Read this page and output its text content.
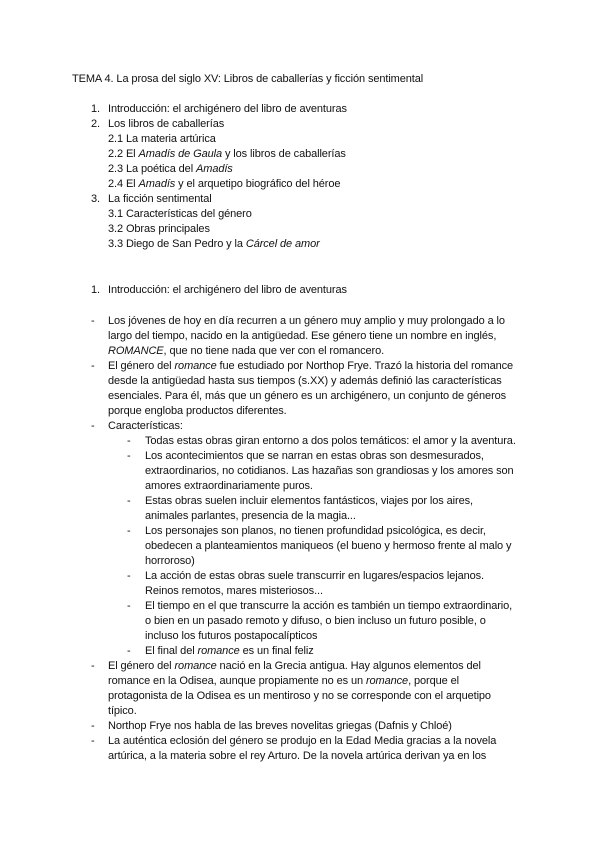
TEMA 4. La prosa del siglo XV: Libros de caballerías y ficción sentimental
1. Introducción: el archigénero del libro de aventuras
2. Los libros de caballerías
2.1 La materia artúrica
2.2 El Amadís de Gaula y los libros de caballerías
2.3 La poética del Amadís
2.4 El Amadís y el arquetipo biográfico del héroe
3. La ficción sentimental
3.1 Características del género
3.2 Obras principales
3.3 Diego de San Pedro y la Cárcel de amor
1. Introducción: el archigénero del libro de aventuras
- Los jóvenes de hoy en día recurren a un género muy amplio y muy prolongado a lo
largo del tiempo, nacido en la antigüedad. Ese género tiene un nombre en inglés,
ROMANCE, que no tiene nada que ver con el romancero.
- El género del romance fue estudiado por Northop Frye. Trazó la historia del romance
desde la antigüedad hasta sus tiempos (s.XX) y además definió las características
esenciales. Para él, más que un género es un archigénero, un conjunto de géneros
porque engloba productos diferentes.
- Características:
- Todas estas obras giran entorno a dos polos temáticos: el amor y la aventura.
- Los acontecimientos que se narran en estas obras son desmesurados,
extraordinarios, no cotidianos. Las hazañas son grandiosas y los amores son
amores extraordinariamente puros.
- Estas obras suelen incluir elementos fantásticos, viajes por los aires,
animales parlantes, presencia de la magia...
- Los personajes son planos, no tienen profundidad psicológica, es decir,
obedecen a planteamientos maniqueos (el bueno y hermoso frente al malo y
horroroso)
- La acción de estas obras suele transcurrir en lugares/espacios lejanos.
Reinos remotos, mares misteriosos...
- El tiempo en el que transcurre la acción es también un tiempo extraordinario,
o bien en un pasado remoto y difuso, o bien incluso un futuro posible, o
incluso los futuros postapocalípticos
- El final del romance es un final feliz
- El género del romance nació en la Grecia antigua. Hay algunos elementos del
romance en la Odisea, aunque propiamente no es un romance, porque el
protagonista de la Odisea es un mentiroso y no se corresponde con el arquetipo
típico.
- Northop Frye nos habla de las breves novelitas griegas (Dafnis y Chloé)
- La auténtica eclosión del género se produjo en la Edad Media gracias a la novela
artúrica, a la materia sobre el rey Arturo. De la novela artúrica derivan ya en los
